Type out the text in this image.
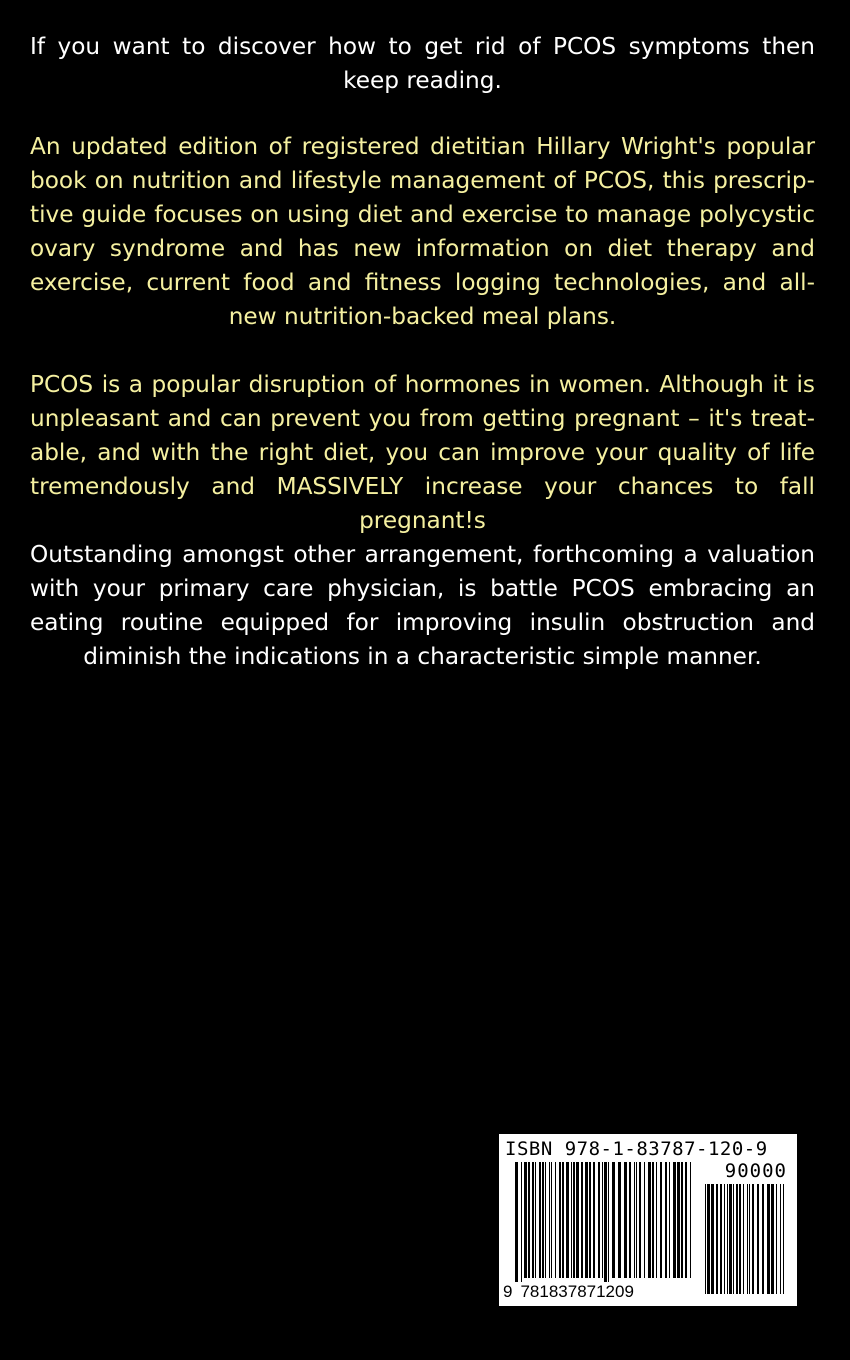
If you want to discover how to get rid of PCOS symptoms then keep reading.

An updated edition of registered dietitian Hillary Wright's popular book on nutrition and lifestyle management of PCOS, this prescriptive guide focuses on using diet and exercise to manage polycystic ovary syndrome and has new information on diet therapy and exercise, current food and fitness logging technologies, and all-new nutrition-backed meal plans.

PCOS is a popular disruption of hormones in women. Although it is unpleasant and can prevent you from getting pregnant – it's treatable, and with the right diet, you can improve your quality of life tremendously and MASSIVELY increase your chances to fall pregnant!s

Outstanding amongst other arrangement, forthcoming a valuation with your primary care physician, is battle PCOS embracing an eating routine equipped for improving insulin obstruction and diminish the indications in a characteristic simple manner.

ISBN 978-1-83787-120-9
90000
9 781837871209
